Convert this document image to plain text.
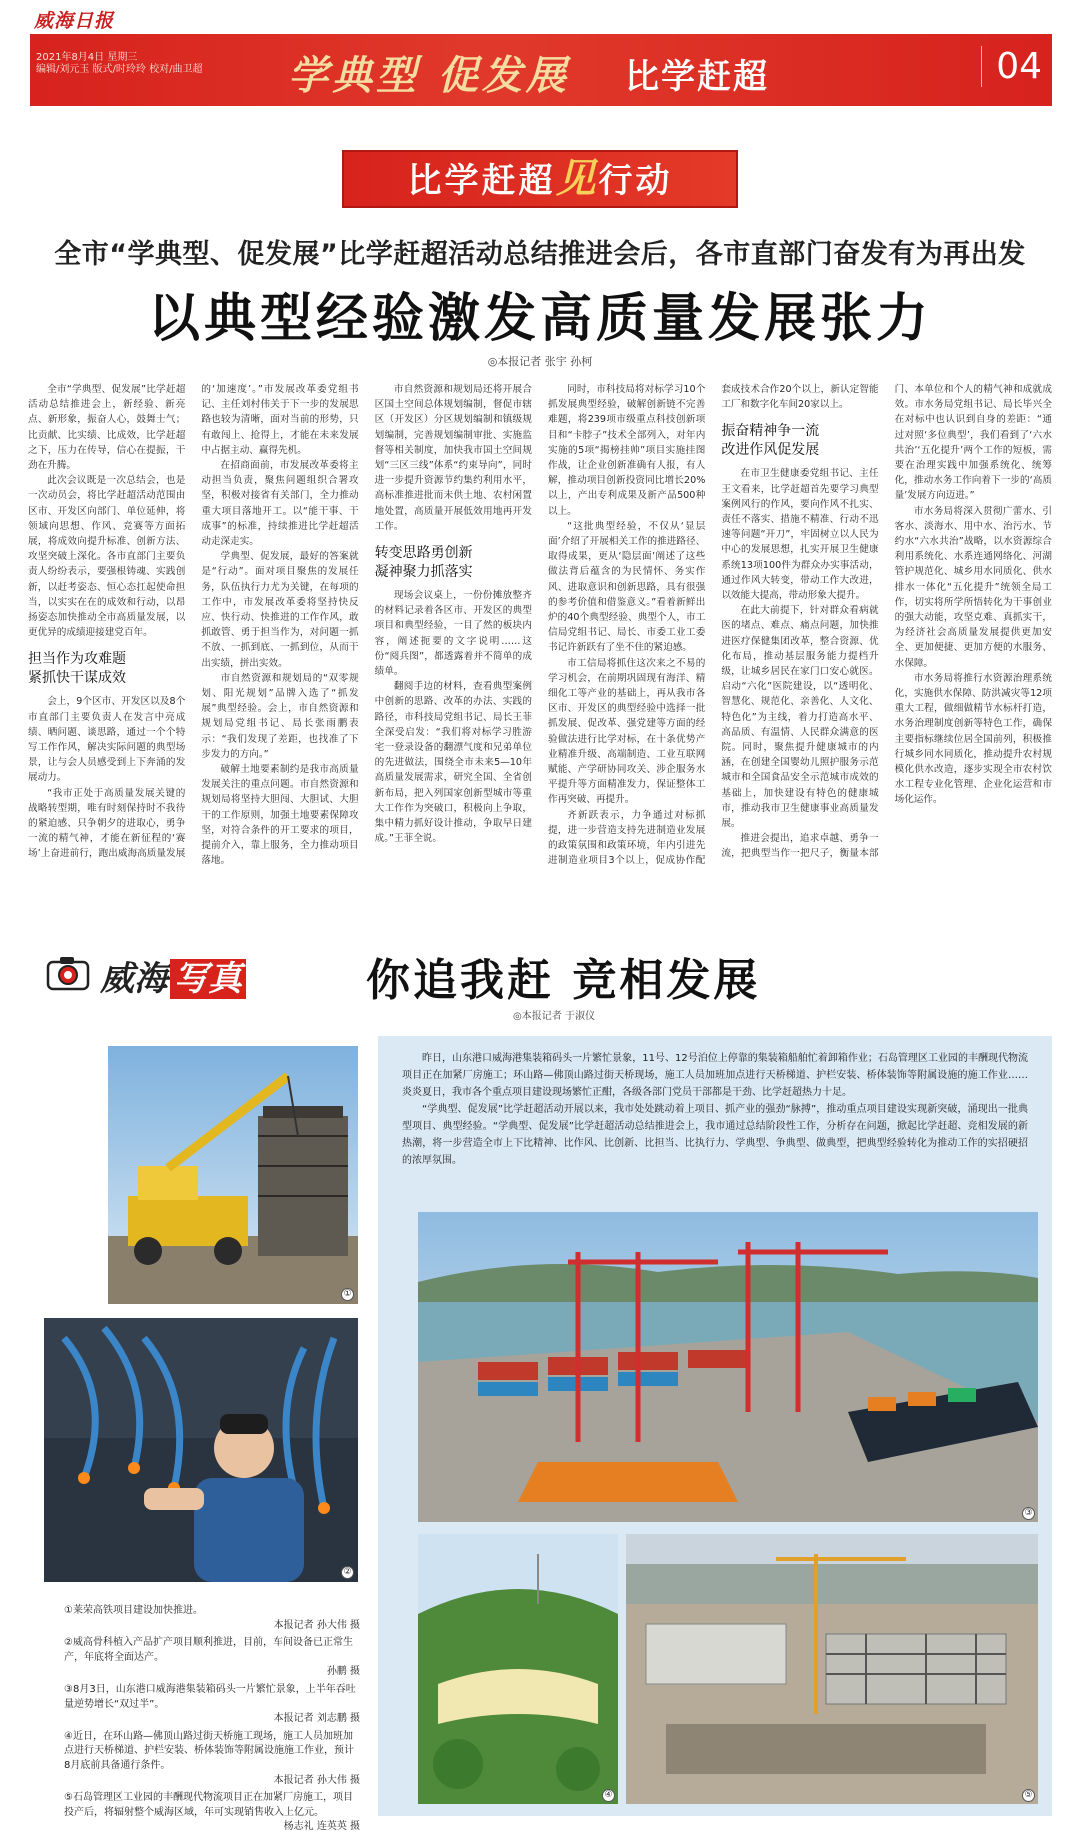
威海日报
2021年8月4日 星期三
编辑/刘元玉 版式/时玲玲 校对/曲卫超 学典型 促发展 比学赶超	04
比学赶超见行动
全市“学典型、促发展”比学赶超活动总结推进会后，各市直部门奋发有为再出发
以典型经验激发高质量发展张力
◎本报记者 张宇 孙柯

全市“学典型、促发展”比学赶超活动总结推进会上，新经验、新亮点、新形象，振奋人心，鼓舞士气；比贡献、比实绩、比成效，比学赶超之下，压力在传导，信心在提振，干劲在升腾。

此次会议既是一次总结会，也是一次动员会，将比学赶超活动范围由区市、开发区向部门、单位延伸，将领域向思想、作风、竞赛等方面拓展，将成效向提升标准、创新方法、攻坚突破上深化。各市直部门主要负责人纷纷表示，要强根铸魂、实践创新，以赶考姿态、恒心态扛起使命担当，以实实在在的成效和行动，以昂扬姿态加快推动全市高质量发展，以更优异的成绩迎接建党百年。

担当作为攻难题
紧抓快干谋成效

会上，9个区市、开发区以及8个市直部门主要负责人在发言中亮成绩、晒问题、谈思路，通过一个个特写工作作风，解决实际问题的典型场景，让与会人员感受到上下奔涌的发展动力。

“我市正处于高质量发展关键的战略转型期，唯有时刻保持时不我待的紧迫感、只争朝夕的进取心，勇争一流的精气神，才能在新征程的‘赛场’上奋进前行，跑出威海高质量发展的‘加速度’。”市发展改革委党组书记、主任刘村伟关于下一步的发展思路也较为清晰，面对当前的形势，只有敢闯上、抢得上，才能在未来发展中占据主动、赢得先机。

在招商面前，市发展改革委将主动担当负责，聚焦问题组织合署攻坚，积极对接省有关部门，全力推动重大项目落地开工。以“能干事、干成事”的标准，持续推进比学赶超活动走深走实。

学典型、促发展，最好的答案就是“行动”。面对项目聚焦的发展任务，队伍执行力尤为关键，在每项的工作中，市发展改革委将坚持快反应、快行动、快推进的工作作风，敢抓敢管、勇于担当作为，对问题一抓不放、一抓到底、一抓到位，从而干出实绩，拼出实效。

市自然资源和规划局的“双零规划、阳光规划”品牌入选了“抓发展”典型经验。会上，市自然资源和规划局党组书记、局长张雨鹏表示：“我们发现了差距，也找准了下步发力的方向。”

破解土地要素制约是我市高质量发展关注的重点问题。市自然资源和规划局将坚持大胆闯、大胆试、大胆干的工作原则，加强土地要素保障攻坚，对符合条件的开工要求的项目，提前介入，靠上服务，全力推动项目落地。

市自然资源和规划局还将开展合区国土空间总体规划编制，督促市辖区（开发区）分区规划编制和镇级规划编制，完善规划编制审批、实施监督等相关制度，加快我市国土空间规划“三区三线”体系“约束导向”，同时进一步提升资源节约集约利用水平，高标准推进批而未供土地、农村闲置地处置，高质量开展低效用地再开发工作。

转变思路勇创新
凝神聚力抓落实

现场会议桌上，一份份摊放整齐的材料记录着各区市、开发区的典型项目和典型经验，一目了然的板块内容，阐述扼要的文字说明……这份“阅兵图”，都透露着并不简单的成绩单。

翻阅手边的材料，查看典型案例中创新的思路、改革的办法、实践的路径，市科技局党组书记、局长王菲全深受启发：“我们将对标学习胜游宅一登录设备的翻漂气度和兄弟单位的先进做法，围绕全市未来5—10年高质量发展需求，研究全国、全省创新布局，把入列国家创新型城市等重大工作作为突破口，积极向上争取，集中精力抓好设计推动，争取早日建成。”王菲全说。

同时，市科技局将对标学习10个抓发展典型经验，破解创新链不完善难题，将239项市级重点科技创新项目和“卡脖子”技术全部列入，对年内实施的5项“揭榜挂帅”项目实施挂图作战，让企业创新准确有人报，有人解，推动项目创新投资同比增长20%以上，产出专利成果及新产品500种以上。

“这批典型经验，不仅从‘显层面’介绍了开展相关工作的推进路径、取得成果，更从‘隐层面’阐述了这些做法背后蕴含的为民情怀、务实作风、进取意识和创新思路，具有很强的参考价值和借鉴意义。”看着新鲜出炉的40个典型经验、典型个人，市工信局党组书记、局长、市委工业工委书记许新跃有了坐不住的紧迫感。

市工信局将抓住这次来之不易的学习机会，在前期巩固现有海洋、精细化工等产业的基础上，再从我市各区市、开发区的典型经验中选择一批抓发展、促改革、强党建等方面的经验做法进行比学对标，在十条优势产业精准升级、高端制造、工业互联网赋能、产学研协同攻关、涉企服务水平提升等方面精准发力，保证整体工作再突破、再提升。

齐新跃表示，力争通过对标抓提，进一步营造支持先进制造业发展的政策氛围和政策环境，年内引进先进制造业项目3个以上，促成协作配套成技术合作20个以上，新认定智能工厂和数字化车间20家以上。

振奋精神争一流
改进作风促发展

在市卫生健康委党组书记、主任王文看来，比学赶超首先要学习典型案例风行的作风，要向作风不扎实、责任不落实、措施不精准、行动不迅速等问题“开刀”，牢固树立以人民为中心的发展思想，扎实开展卫生健康系统13项100件为群众办实事活动，通过作风大转变，带动工作大改进，以效能大提高，带动形象大提升。

在此大前提下，针对群众看病就医的堵点、难点、痛点问题，加快推进医疗保健集团改革，整合资源、优化布局，推动基层服务能力提档升级，让城乡居民在家门口安心就医。启动“六化”医院建设，以“透明化、智慧化、规范化、亲善化、人文化、特色化”为主线，着力打造高水平、高品质、有温情、人民群众满意的医院。同时，聚焦提升健康城市的内涵，在创建全国婴幼儿照护服务示范城市和全国食品安全示范城市成效的基础上，加快建设有特色的健康城市，推动我市卫生健康事业高质量发展。

推进会提出，追求卓越、勇争一流，把典型当作一把尺子，衡量本部门、本单位和个人的精气神和成就成效。市水务局党组书记、局长毕兴全在对标中也认识到自身的差距：“通过对照‘多位典型’，我们看到了‘六水共治’‘五化提升’两个工作的短板，需要在治理实践中加强系统化、统筹化，推动水务工作向着下一步的‘高质量’发展方向迈进。”

市水务局将深入贯彻广蕾水、引客水、淡海水、用中水、治污水、节约水“六水共治”战略，以水资源综合利用系统化、水系连通网络化、河湖管护规范化、城乡用水同质化、供水排水一体化“五化提升”统领全局工作，切实将所学所悟转化为干事创业的强大动能，攻坚克难、真抓实干，为经济社会高质量发展提供更加安全、更加便捷、更加方便的水服务、水保障。

市水务局将推行水资源治理系统化，实施供水保障、防洪减灾等12项重大工程，做细做精节水标杆打造，水务治理制度创新等特色工作，确保主要指标继续位居全国前列，积极推行城乡同水同质化，推动提升农村规模化供水改造，逐步实现全市农村饮水工程专业化管理、企业化运营和市场化运作。

威海 写真	你追我赶 竞相发展
◎本报记者 于淑仪

昨日，山东港口威海港集装箱码头一片繁忙景象，11号、12号泊位上停靠的集装箱船舶忙着卸箱作业；石岛管理区工业园的丰酬现代物流项目正在加紧厂房施工；环山路—佛顶山路过街天桥现场，施工人员加班加点进行天桥梯道、护栏安装、桥体装饰等附属设施的施工作业……炎炎夏日，我市各个重点项目建设现场繁忙正酣，各级各部门党员干部都是干劲、比学赶超热力十足。

“学典型、促发展”比学赶超活动开展以来，我市处处跳动着上项目、抓产业的强劲“脉搏”，推动重点项目建设实现新突破，涌现出一批典型项目、典型经验。“学典型、促发展”比学赶超活动总结推进会上，我市通过总结阶段性工作，分析存在问题，掀起比学赶超、竞相发展的新热潮，将一步营造全市上下比精神、比作风、比创新、比担当、比执行力、学典型、争典型、做典型，把典型经验转化为推动工作的实招硬招的浓厚氛围。

①
②
③
④	⑤
①莱荣高铁项目建设加快推进。
本报记者 孙大伟 摄
②威高骨科植入产品扩产项目顺利推进，目前，车间设备已正常生产，年底将全面达产。
孙鹏 摄
③8月3日，山东港口威海港集装箱码头一片繁忙景象，上半年吞吐量逆势增长“双过半”。
本报记者 刘志鹏 摄
④近日，在环山路—佛顶山路过街天桥施工现场，施工人员加班加点进行天桥梯道、护栏安装、桥体装饰等附属设施施工作业，预计8月底前具备通行条件。
本报记者 孙大伟 摄
⑤石岛管理区工业园的丰酬现代物流项目正在加紧厂房施工，项目投产后，将辐射整个威海区域，年可实现销售收入上亿元。
杨志礼 连英英 摄
